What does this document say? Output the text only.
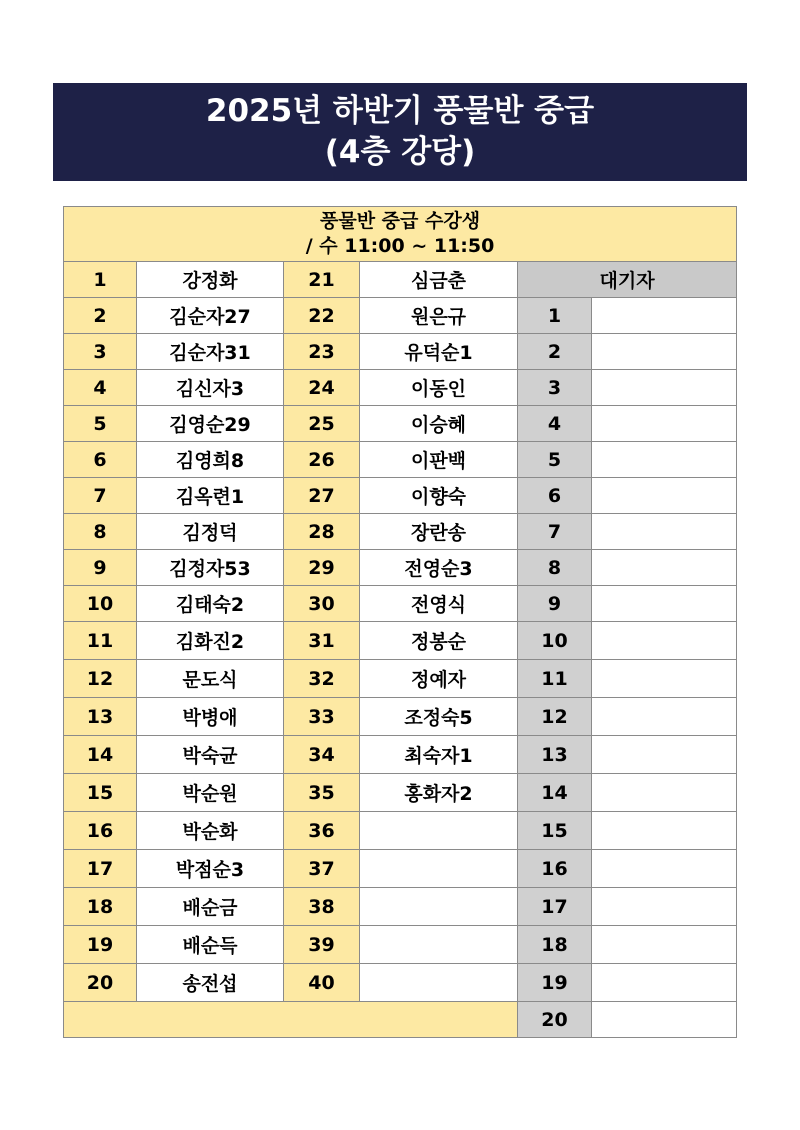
2025년 하반기 풍물반 중급
(4층 강당)
풍물반 중급 수강생
/ 수 11:00 ~ 11:50					

1	강정화	21	심금춘	대기자	
2	김순자27	22	원은규	1	
3	김순자31	23	유덕순1	2	
4	김신자3	24	이동인	3	
5	김영순29	25	이승혜	4	
6	김영희8	26	이판백	5	
7	김옥련1	27	이향숙	6	
8	김정덕	28	장란송	7	
9	김정자53	29	전영순3	8	
10	김태숙2	30	전영식	9	
11	김화진2	31	정봉순	10	
12	문도식	32	정예자	11	
13	박병애	33	조정숙5	12	
14	박숙균	34	최숙자1	13	
15	박순원	35	홍화자2	14	
16	박순화	36		15	
17	박점순3	37		16	
18	배순금	38		17	
19	배순득	39		18	
20	송전섭	40		19	
				20	
